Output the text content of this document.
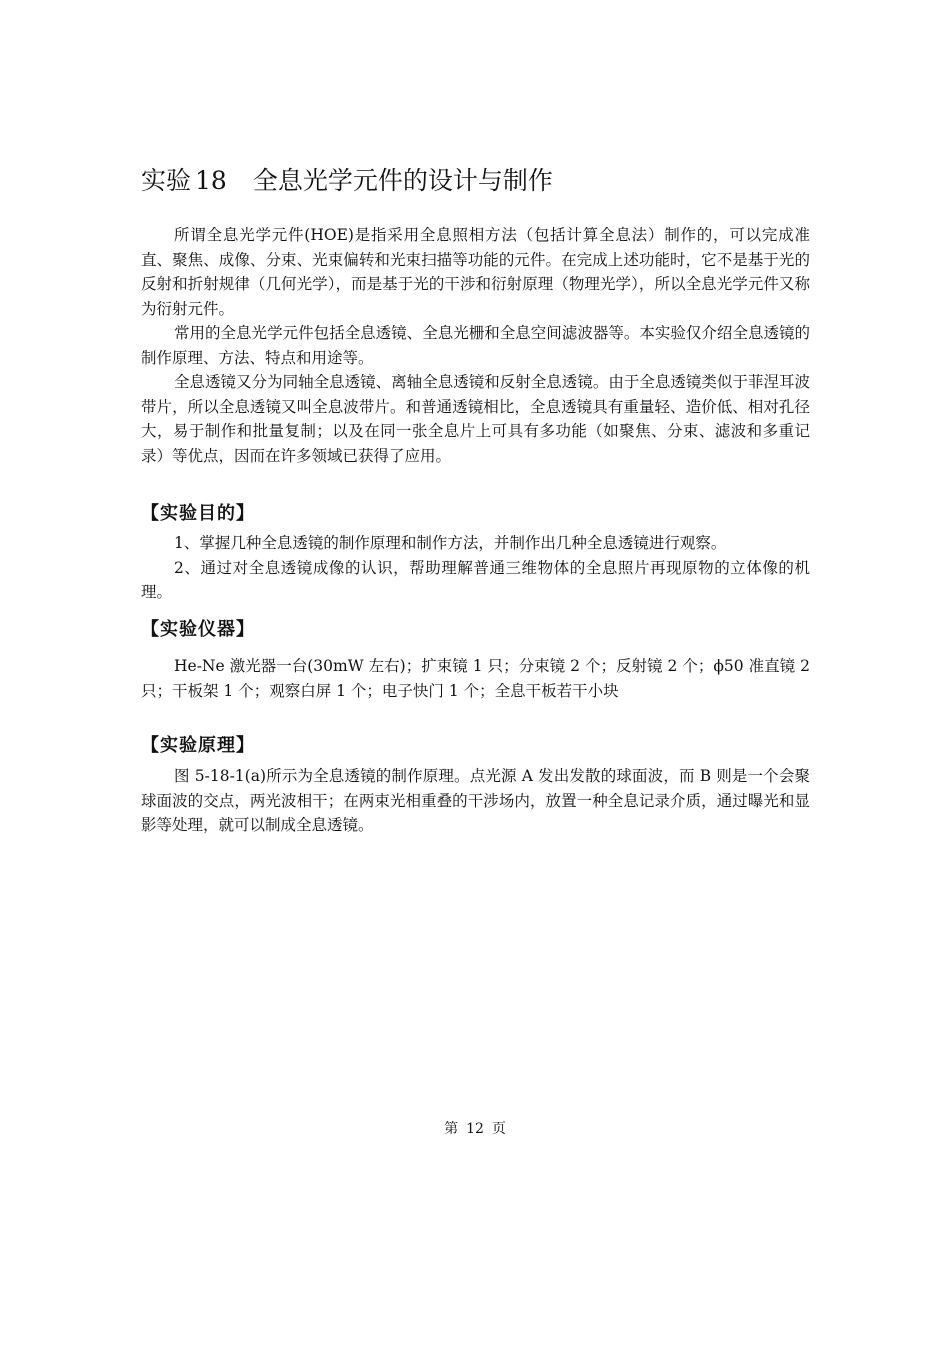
实验 18 全息光学元件的设计与制作

所谓全息光学元件(HOE)是指采用全息照相方法（包括计算全息法）制作的，可以完成准直、聚焦、成像、分束、光束偏转和光束扫描等功能的元件。在完成上述功能时，它不是基于光的反射和折射规律（几何光学），而是基于光的干涉和衍射原理（物理光学），所以全息光学元件又称为衍射元件。

常用的全息光学元件包括全息透镜、全息光栅和全息空间滤波器等。本实验仅介绍全息透镜的制作原理、方法、特点和用途等。

全息透镜又分为同轴全息透镜、离轴全息透镜和反射全息透镜。由于全息透镜类似于菲涅耳波带片，所以全息透镜又叫全息波带片。和普通透镜相比，全息透镜具有重量轻、造价低、相对孔径大，易于制作和批量复制；以及在同一张全息片上可具有多功能（如聚焦、分束、滤波和多重记录）等优点，因而在许多领域已获得了应用。

【实验目的】

1、掌握几种全息透镜的制作原理和制作方法，并制作出几种全息透镜进行观察。

2、通过对全息透镜成像的认识，帮助理解普通三维物体的全息照片再现原物的立体像的机理。

【实验仪器】

He-Ne 激光器一台(30mW 左右)；扩束镜 1 只；分束镜 2 个；反射镜 2 个；ϕ50 准直镜 2 只；干板架 1 个；观察白屏 1 个；电子快门 1 个；全息干板若干小块

【实验原理】

图 5-18-1(a)所示为全息透镜的制作原理。点光源 A 发出发散的球面波，而 B 则是一个会聚球面波的交点，两光波相干；在两束光相重叠的干涉场内，放置一种全息记录介质，通过曝光和显影等处理，就可以制成全息透镜。

第 12 页
